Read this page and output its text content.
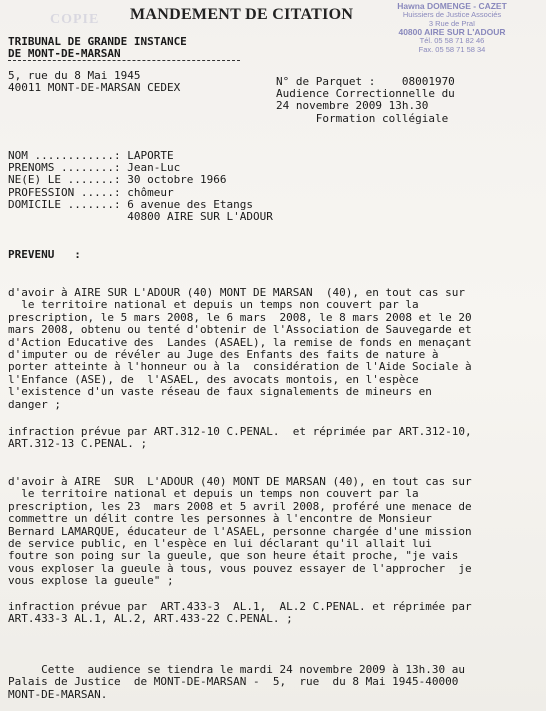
COPIE MANDEMENT DE CITATION	Hawna DOMENGE - CAZET
Huissiers de Justice Associés
3 Rue de Praï
40800 AIRE SUR L'ADOUR
Tél. 05 58 71 82 46
Fax. 05 58 71 58 34
TRIBUNAL DE GRANDE INSTANCE
DE MONT-DE-MARSAN
5, rue du 8 Mai 1945
40011 MONT-DE-MARSAN CEDEX	N° de Parquet :    08001970
Audience Correctionnelle du
24 novembre 2009 13h.30
Formation collégiale
NOM ............: LAPORTE
PRENOMS ........: Jean-Luc
NE(E) LE .......: 30 octobre 1966
PROFESSION .....: chômeur
DOMICILE .......: 6 avenue des Etangs
40800 AIRE SUR L'ADOUR
PREVENU   :
d'avoir à AIRE SUR L'ADOUR (40) MONT DE MARSAN  (40), en tout cas sur
le territoire national et depuis un temps non couvert par la
prescription, le 5 mars 2008, le 6 mars  2008, le 8 mars 2008 et le 20
mars 2008, obtenu ou tenté d'obtenir de l'Association de Sauvegarde et
d'Action Educative des  Landes (ASAEL), la remise de fonds en menaçant
d'imputer ou de révéler au Juge des Enfants des faits de nature à
porter atteinte à l'honneur ou à la  considération de l'Aide Sociale à
l'Enfance (ASE), de  l'ASAEL, des avocats montois, en l'espèce
l'existence d'un vaste réseau de faux signalements de mineurs en
danger ;
infraction prévue par ART.312-10 C.PENAL.  et réprimée par ART.312-10,
ART.312-13 C.PENAL. ;
d'avoir à AIRE  SUR  L'ADOUR (40) MONT DE MARSAN (40), en tout cas sur
le territoire national et depuis un temps non couvert par la
prescription, les 23  mars 2008 et 5 avril 2008, proféré une menace de
commettre un délit contre les personnes à l'encontre de Monsieur
Bernard LAMARQUE, éducateur de l'ASAEL, personne chargée d'une mission
de service public, en l'espèce en lui déclarant qu'il allait lui
foutre son poing sur la gueule, que son heure était proche, "je vais
vous exploser la gueule à tous, vous pouvez essayer de l'approcher  je
vous explose la gueule" ;
infraction prévue par  ART.433-3  AL.1,  AL.2 C.PENAL. et réprimée par
ART.433-3 AL.1, AL.2, ART.433-22 C.PENAL. ;
Cette  audience se tiendra le mardi 24 novembre 2009 à 13h.30 au
Palais de Justice  de MONT-DE-MARSAN -  5,  rue  du 8 Mai 1945-40000
MONT-DE-MARSAN.
